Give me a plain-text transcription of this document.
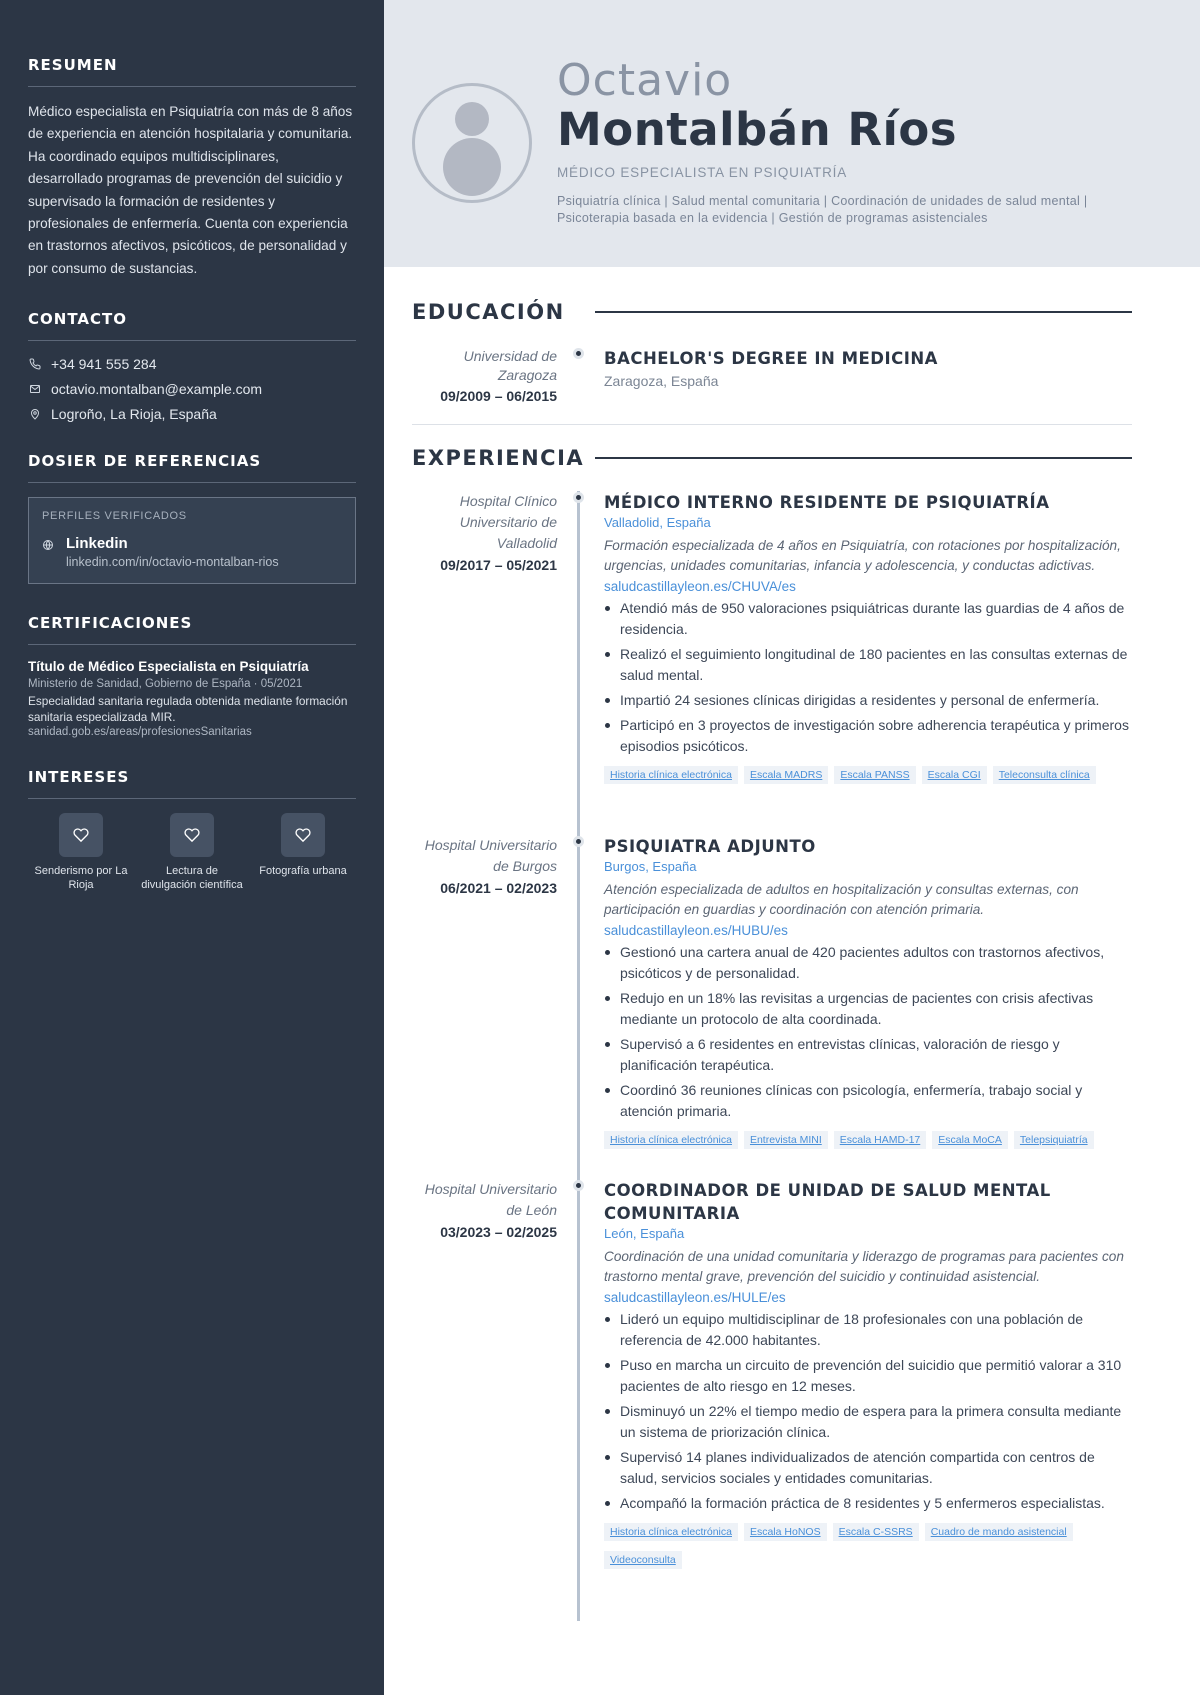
RESUMEN

Médico especialista en Psiquiatría con más de 8 años de experiencia en atención hospitalaria y comunitaria. Ha coordinado equipos multidisciplinares, desarrollado programas de prevención del suicidio y supervisado la formación de residentes y profesionales de enfermería. Cuenta con experiencia en trastornos afectivos, psicóticos, de personalidad y por consumo de sustancias.

CONTACTO
+34 941 555 284
octavio.montalban@example.com
Logroño, La Rioja, España
DOSIER DE REFERENCIAS
PERFILES VERIFICADOS
Linkedin
linkedin.com/in/octavio-montalban-rios
CERTIFICACIONES
Título de Médico Especialista en Psiquiatría
Ministerio de Sanidad, Gobierno de España · 05/2021
Especialidad sanitaria regulada obtenida mediante formación sanitaria especializada MIR.
sanidad.gob.es/areas/profesionesSanitarias
INTERESES
Senderismo por La Rioja
Lectura de divulgación científica
Fotografía urbana
Octavio
Montalbán Ríos
MÉDICO ESPECIALISTA EN PSIQUIATRÍA
Psiquiatría clínica | Salud mental comunitaria | Coordinación de unidades de salud mental | Psicoterapia basada en la evidencia | Gestión de programas asistenciales
EDUCACIÓN
Universidad de Zaragoza
09/2009 – 06/2015
BACHELOR'S DEGREE IN MEDICINA
Zaragoza, España
EXPERIENCIA
Hospital Clínico Universitario de Valladolid
09/2017 – 05/2021
MÉDICO INTERNO RESIDENTE DE PSIQUIATRÍA
Valladolid, España
Formación especializada de 4 años en Psiquiatría, con rotaciones por hospitalización, urgencias, unidades comunitarias, infancia y adolescencia, y conductas adictivas.
saludcastillayleon.es/CHUVA/es
Atendió más de 950 valoraciones psiquiátricas durante las guardias de 4 años de residencia.
Realizó el seguimiento longitudinal de 180 pacientes en las consultas externas de salud mental.
Impartió 24 sesiones clínicas dirigidas a residentes y personal de enfermería.
Participó en 3 proyectos de investigación sobre adherencia terapéutica y primeros episodios psicóticos.
Historia clínica electrónica	Escala MADRS	Escala PANSS	Escala CGI	Teleconsulta clínica
Hospital Universitario de Burgos
06/2021 – 02/2023
PSIQUIATRA ADJUNTO
Burgos, España
Atención especializada de adultos en hospitalización y consultas externas, con participación en guardias y coordinación con atención primaria.
saludcastillayleon.es/HUBU/es
Gestionó una cartera anual de 420 pacientes adultos con trastornos afectivos, psicóticos y de personalidad.
Redujo en un 18% las revisitas a urgencias de pacientes con crisis afectivas mediante un protocolo de alta coordinada.
Supervisó a 6 residentes en entrevistas clínicas, valoración de riesgo y planificación terapéutica.
Coordinó 36 reuniones clínicas con psicología, enfermería, trabajo social y atención primaria.
Historia clínica electrónica	Entrevista MINI	Escala HAMD-17	Escala MoCA	Telepsiquiatría
Hospital Universitario de León
03/2023 – 02/2025
COORDINADOR DE UNIDAD DE SALUD MENTAL COMUNITARIA
León, España
Coordinación de una unidad comunitaria y liderazgo de programas para pacientes con trastorno mental grave, prevención del suicidio y continuidad asistencial.
saludcastillayleon.es/HULE/es
Lideró un equipo multidisciplinar de 18 profesionales con una población de referencia de 42.000 habitantes.
Puso en marcha un circuito de prevención del suicidio que permitió valorar a 310 pacientes de alto riesgo en 12 meses.
Disminuyó un 22% el tiempo medio de espera para la primera consulta mediante un sistema de priorización clínica.
Supervisó 14 planes individualizados de atención compartida con centros de salud, servicios sociales y entidades comunitarias.
Acompañó la formación práctica de 8 residentes y 5 enfermeros especialistas.
Historia clínica electrónica	Escala HoNOS	Escala C-SSRS	Cuadro de mando asistencial
Videoconsulta
